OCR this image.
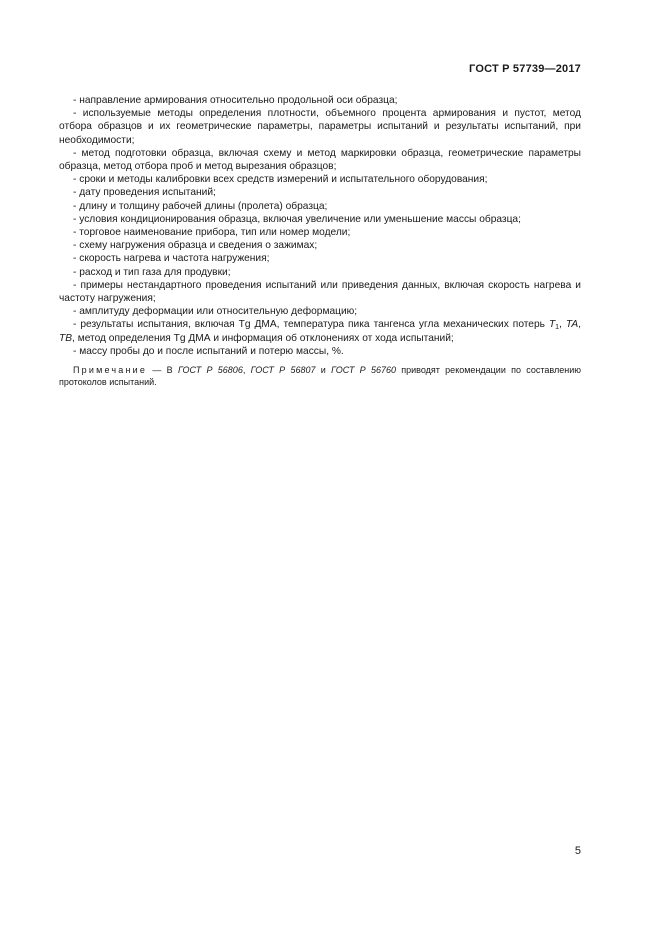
ГОСТ Р 57739—2017

- направление армирования относительно продольной оси образца;

- используемые методы определения плотности, объемного процента армирования и пустот, метод отбора образцов и их геометрические параметры, параметры испытаний и результаты испытаний, при необходимости;

- метод подготовки образца, включая схему и метод маркировки образца, геометрические параметры образца, метод отбора проб и метод вырезания образцов;

- сроки и методы калибровки всех средств измерений и испытательного оборудования;

- дату проведения испытаний;

- длину и толщину рабочей длины (пролета) образца;

- условия кондиционирования образца, включая увеличение или уменьшение массы образца;

- торговое наименование прибора, тип или номер модели;

- схему нагружения образца и сведения о зажимах;

- скорость нагрева и частота нагружения;

- расход и тип газа для продувки;

- примеры нестандартного проведения испытаний или приведения данных, включая скорость нагрева и частоту нагружения;

- амплитуду деформации или относительную деформацию;

- результаты испытания, включая Tg ДМА, температура пика тангенса угла механических потерь $T_1$, TA, TB, метод определения Tg ДМА и информация об отклонениях от хода испытаний;

- массу пробы до и после испытаний и потерю массы, %.

Примечание — В ГОСТ Р 56806, ГОСТ Р 56807 и ГОСТ Р 56760 приводят рекомендации по составлению протоколов испытаний.
5
